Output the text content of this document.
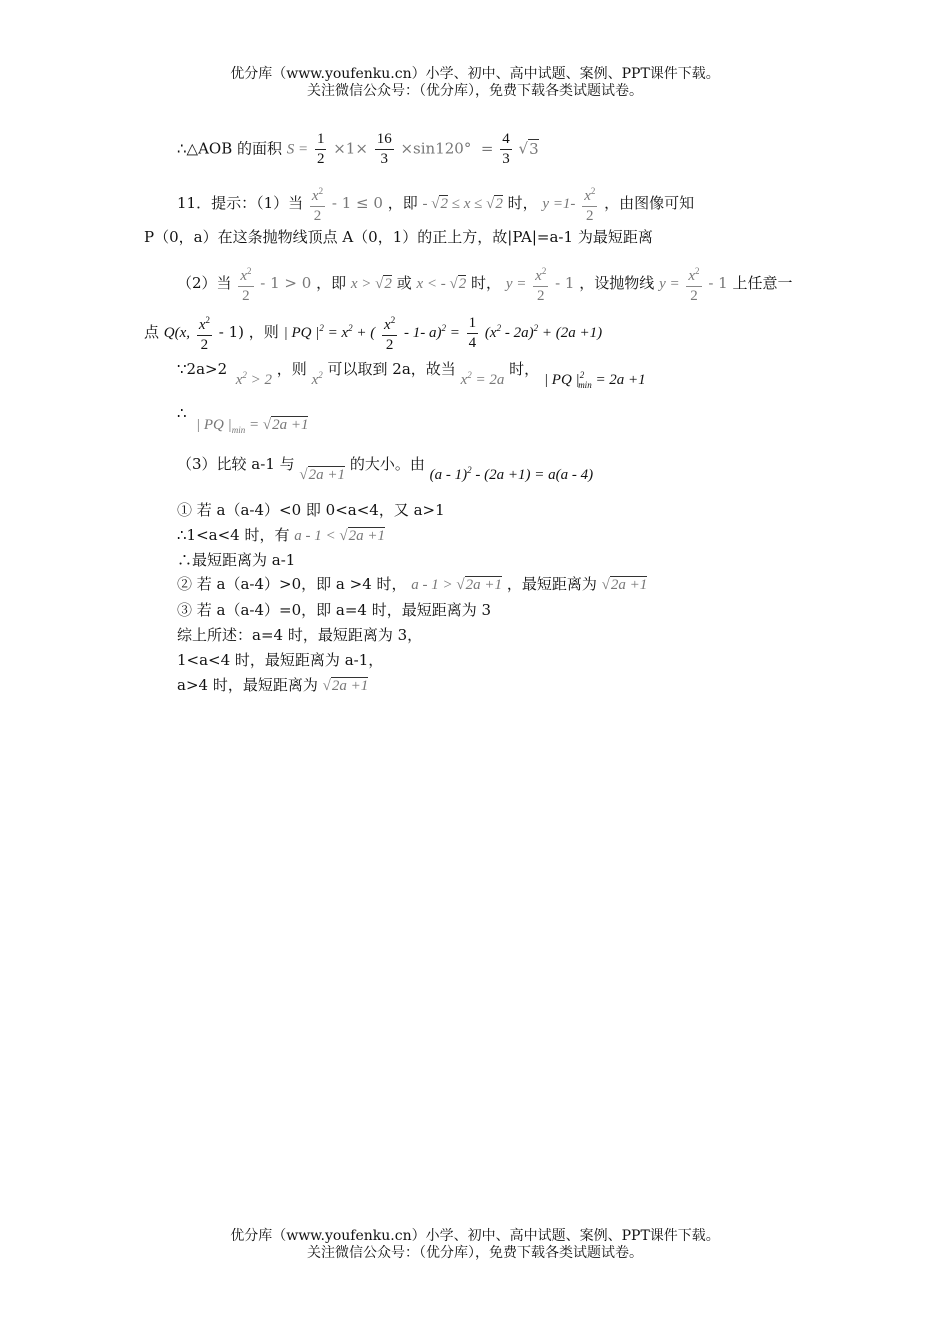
优分库（www.youfenku.cn）小学、初中、高中试题、案例、PPT课件下载。
关注微信公众号：（优分库），免费下载各类试题试卷。
∴△AOB 的面积 $S = \frac{1}{2} \times 1\times \frac{16}{3} \times\sin 120^\circ = \frac{4}{3} √3$
11．提示：（1）当 $\frac{x^2}{2} - 1 \le 0$ ，即 - √2 ≤ x ≤ √2 时， $y =1- \frac{x^2}{2}$ ，由图像可知
P（0，a）在这条抛物线顶点 A（0，1）的正上方，故|PA|=a-1 为最短距离
（2）当 $\frac{x^2}{2} - 1 > 0$ ，即 x > √2 或 x < - √2 时， $y = \frac{x^2}{2} - 1$ ，设抛物线 $y = \frac{x^2}{2} - 1$ 上任意一
点 Q(x, $\frac{x^2}{2} - 1$) ，则 | PQ $|^2 = x^2$ + ( $\frac{x^2}{2} - 1-$ $a)^2 = \frac{1}{4} (x^2 - 2a)^2 + (2a +1)$
∵2a>2  $x^2 > 2$ ，则 $x^2$ 可以取到 2a，故当 $x^2 = 2a$ 时， | PQ $|^2_{min} = 2a +1$
∴
| PQ $|_{min} = √2a +1$
（3）比较 a-1 与 √2a +1 的大小。由 (a - 1)$^2$ - (2a +1) = a(a - 4)
① 若 a（a-4）<0 即 0<a<4，又 a>1
∴1<a<4 时，有 a - 1 < √2a +1
∴最短距离为 a-1
② 若 a（a-4）>0，即 a >4 时， a - 1 > √2a +1 ，最短距离为 √2a +1
③ 若 a（a-4）=0，即 a=4 时，最短距离为 3
综上所述：a=4 时，最短距离为 3，
1<a<4 时，最短距离为 a-1，
a>4 时，最短距离为 √2a +1
优分库（www.youfenku.cn）小学、初中、高中试题、案例、PPT课件下载。
关注微信公众号：（优分库），免费下载各类试题试卷。
